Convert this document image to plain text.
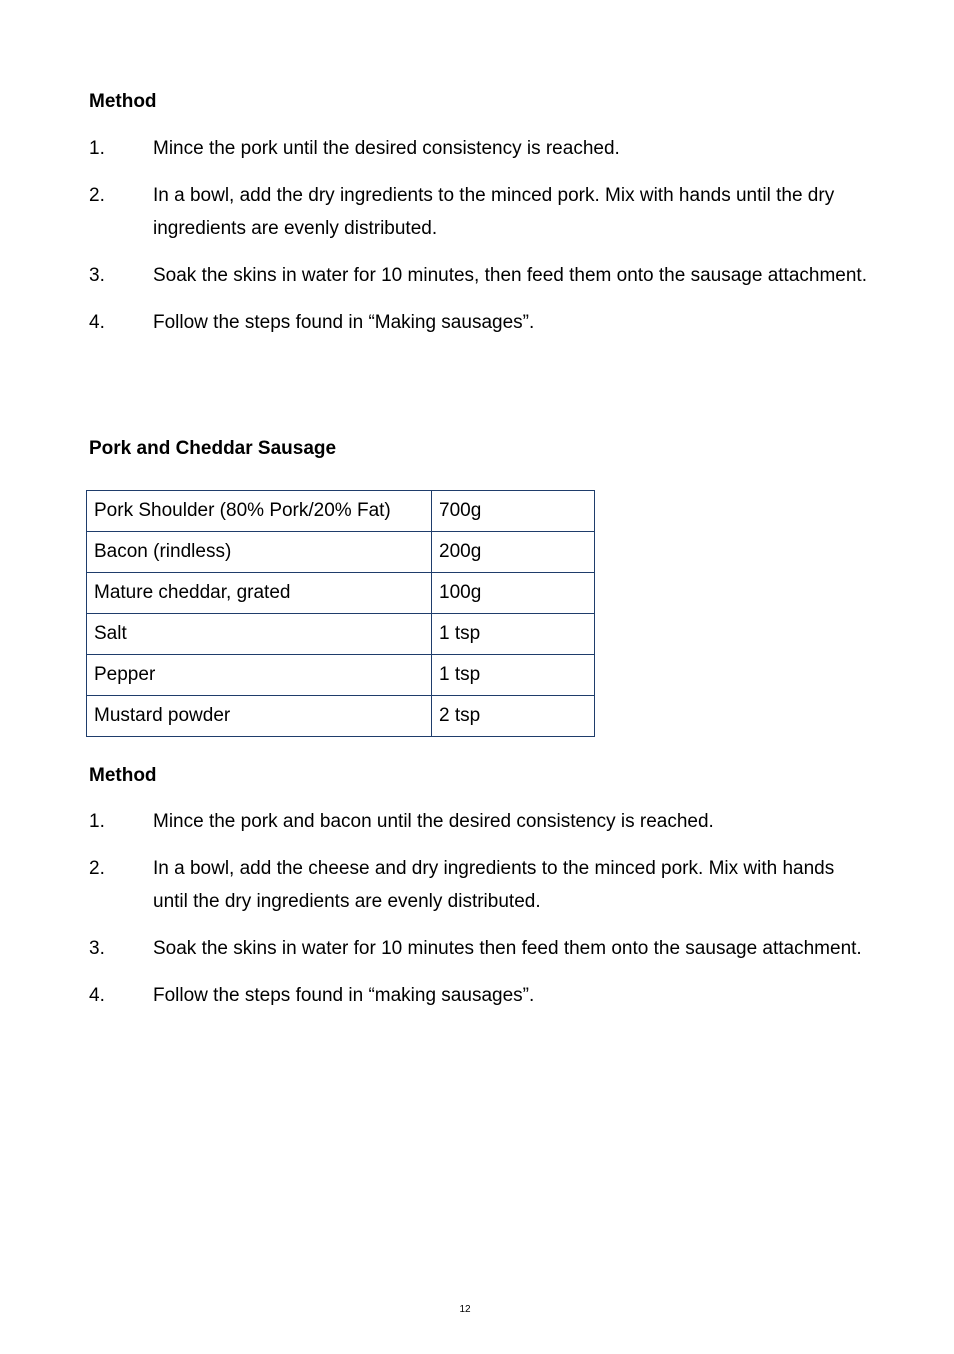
Method
1.	Mince the pork until the desired consistency is reached.
2.	In a bowl, add the dry ingredients to the minced pork. Mix with hands until the dry ingredients are evenly distributed.
3.	Soak the skins in water for 10 minutes, then feed them onto the sausage attachment.
4.	Follow the steps found in “Making sausages”.
Pork and Cheddar Sausage
Pork Shoulder (80% Pork/20% Fat)	700g
Bacon (rindless)	200g
Mature cheddar, grated	100g
Salt	1 tsp
Pepper	1 tsp
Mustard powder	2 tsp
Method
1.	Mince the pork and bacon until the desired consistency is reached.
2.	In a bowl, add the cheese and dry ingredients to the minced pork. Mix with hands until the dry ingredients are evenly distributed.
3.	Soak the skins in water for 10 minutes then feed them onto the sausage attachment.
4.	Follow the steps found in “making sausages”.
12
